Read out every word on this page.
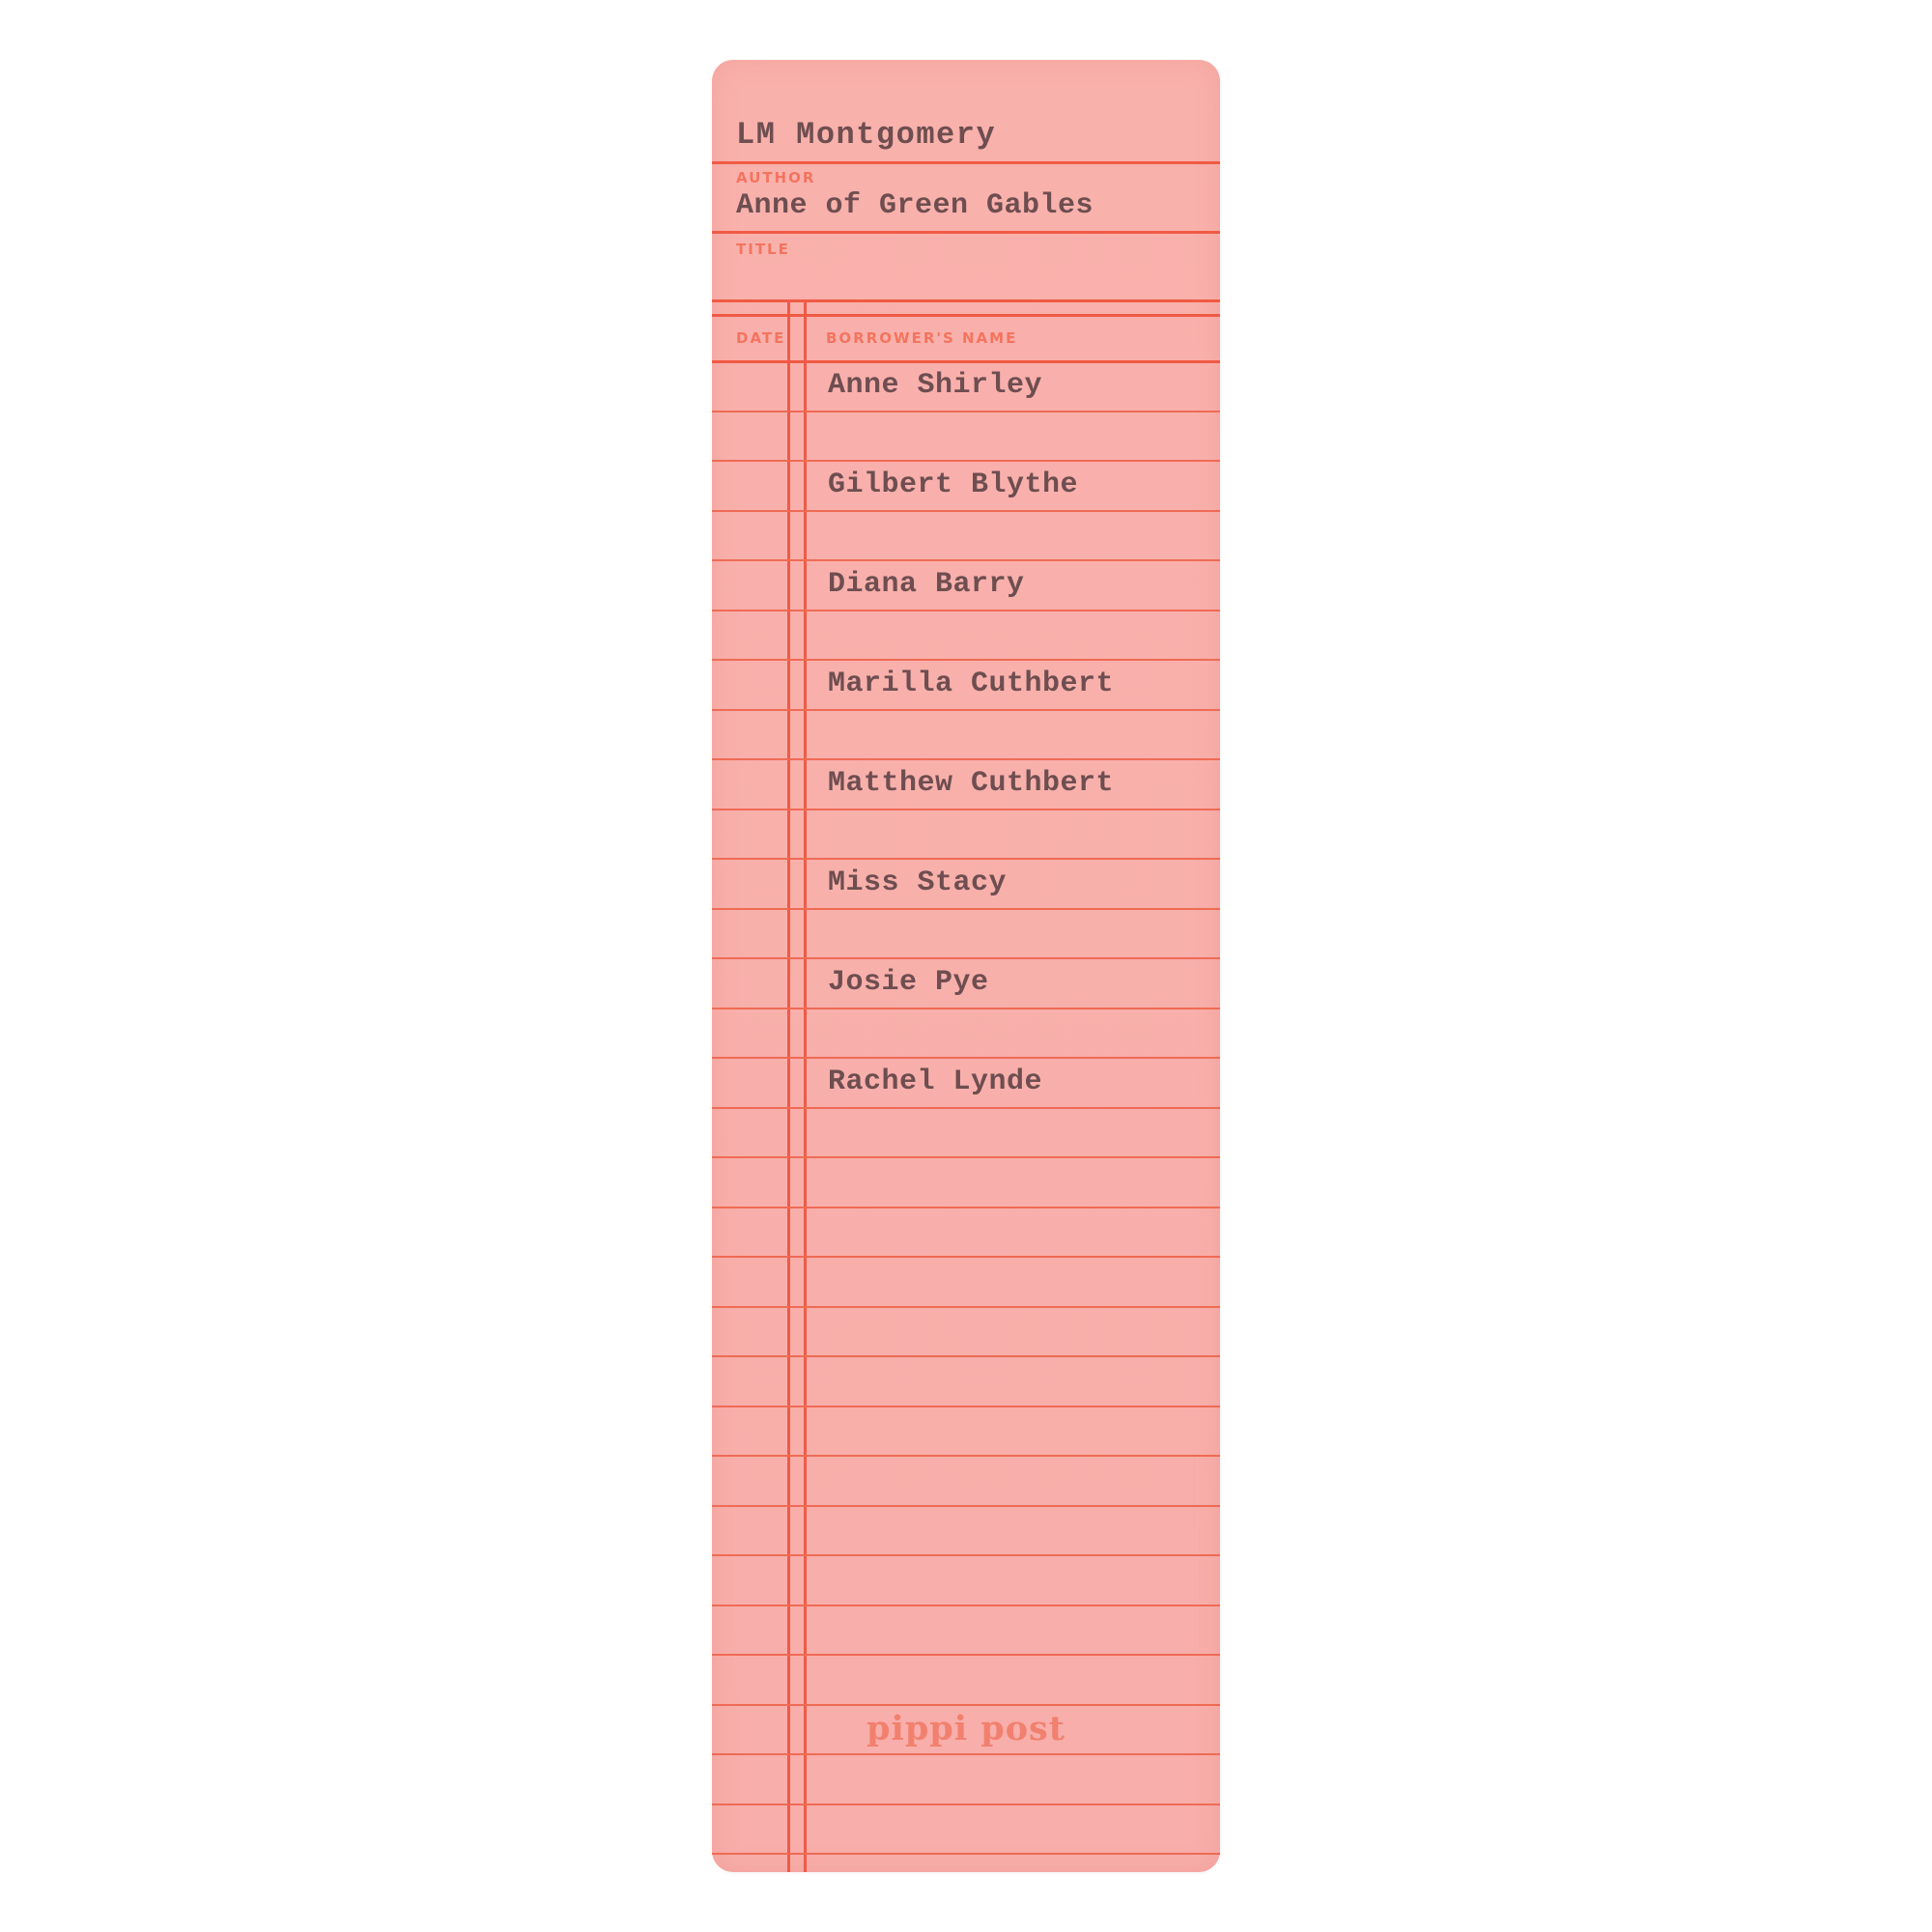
LM Montgomery
AUTHOR
Anne of Green Gables
TITLE
DATE	BORROWER'S NAME
Anne Shirley
Gilbert Blythe
Diana Barry
Marilla Cuthbert
Matthew Cuthbert
Miss Stacy
Josie Pye
Rachel Lynde
pippi post
